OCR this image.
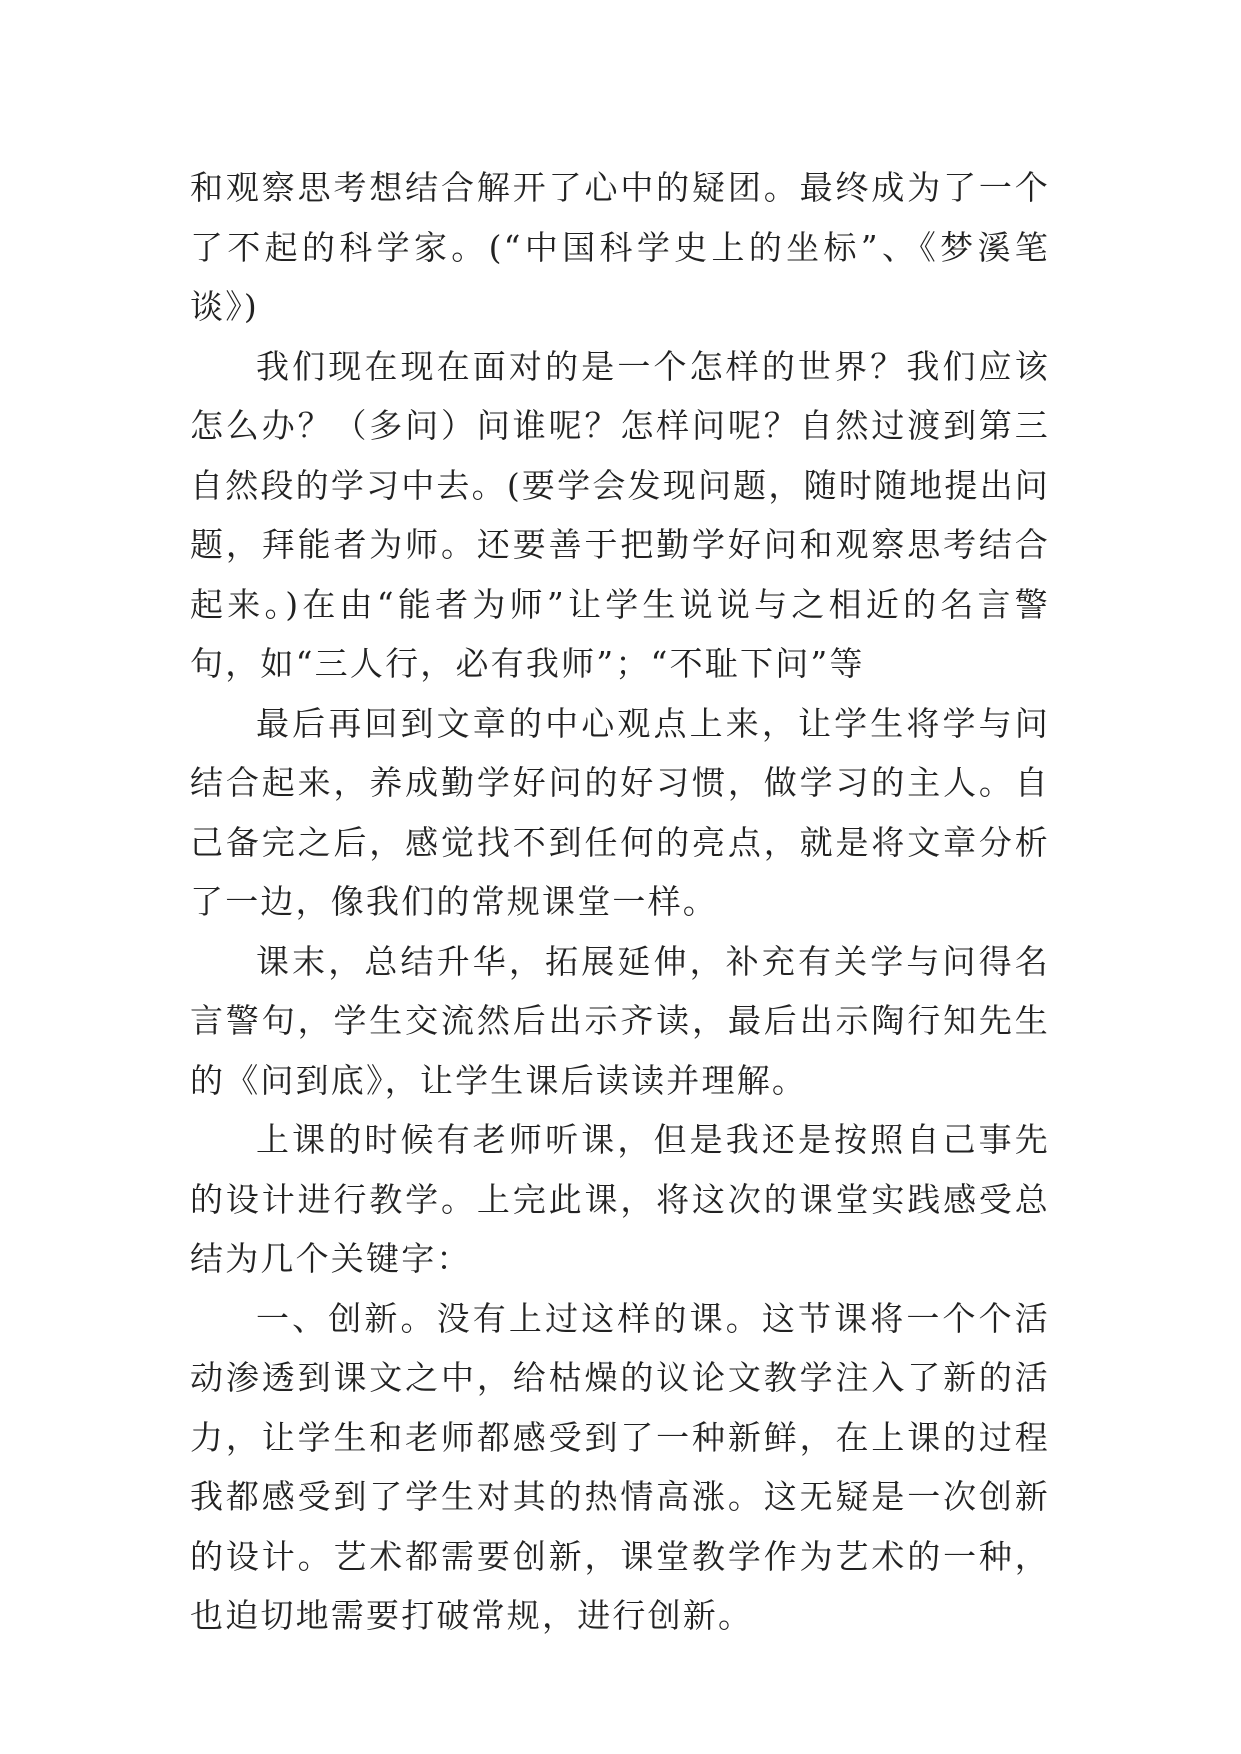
和观察思考想结合解开了心中的疑团。最终成为了一个了不起的科学家。(“中国科学史上的坐标”、《梦溪笔谈》)

我们现在现在面对的是一个怎样的世界？我们应该怎么办？（多问）问谁呢？怎样问呢？自然过渡到第三自然段的学习中去。(要学会发现问题，随时随地提出问题，拜能者为师。还要善于把勤学好问和观察思考结合起来。)在由“能者为师”让学生说说与之相近的名言警句，如“三人行，必有我师”；“不耻下问”等

最后再回到文章的中心观点上来，让学生将学与问结合起来，养成勤学好问的好习惯，做学习的主人。自己备完之后，感觉找不到任何的亮点，就是将文章分析了一边，像我们的常规课堂一样。

课末，总结升华，拓展延伸，补充有关学与问得名言警句，学生交流然后出示齐读，最后出示陶行知先生的《问到底》，让学生课后读读并理解。

上课的时候有老师听课，但是我还是按照自己事先的设计进行教学。上完此课，将这次的课堂实践感受总结为几个关键字：

一、创新。没有上过这样的课。这节课将一个个活动渗透到课文之中，给枯燥的议论文教学注入了新的活力，让学生和老师都感受到了一种新鲜，在上课的过程我都感受到了学生对其的热情高涨。这无疑是一次创新的设计。艺术都需要创新，课堂教学作为艺术的一种，也迫切地需要打破常规，进行创新。
